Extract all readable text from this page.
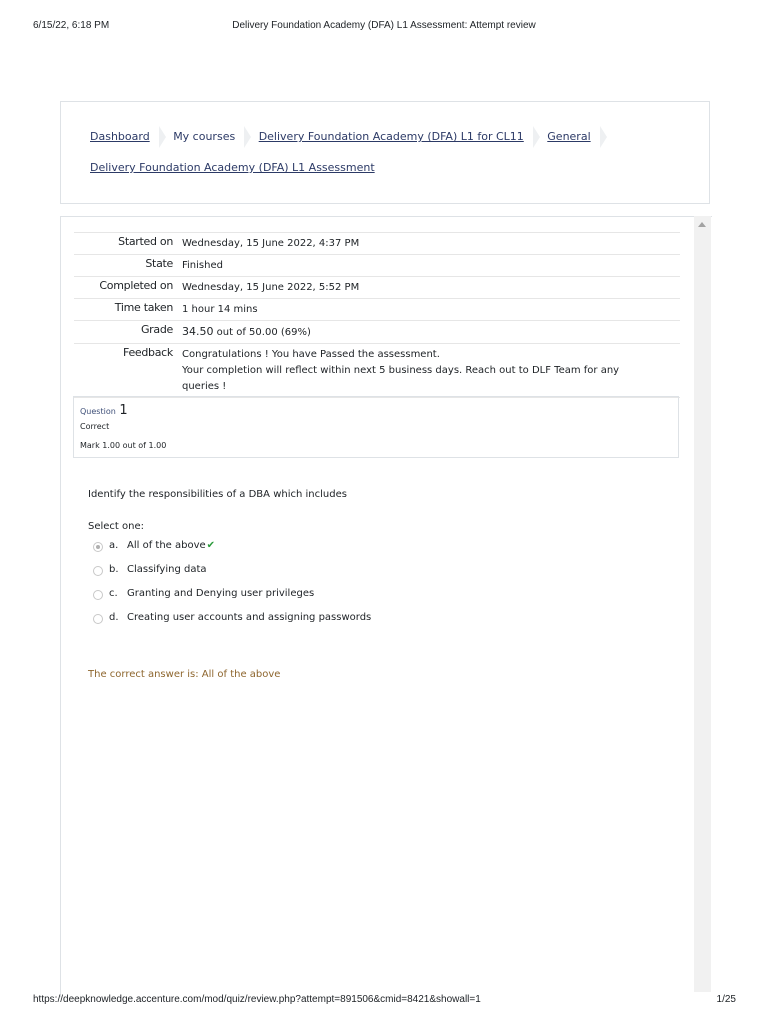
6/15/22, 6:18 PM	Delivery Foundation Academy (DFA) L1 Assessment: Attempt review
Dashboard My courses Delivery Foundation Academy (DFA) L1 for CL11 General
Delivery Foundation Academy (DFA) L1 Assessment
Started on Wednesday, 15 June 2022, 4:37 PM
State Finished
Completed on Wednesday, 15 June 2022, 5:52 PM
Time taken 1 hour 14 mins
Grade 34.50 out of 50.00 (69%)
Feedback Congratulations ! You have Passed the assessment.
Your completion will reflect within next 5 business days. Reach out to DLF Team for any
queries !
Question 1
Correct
Mark 1.00 out of 1.00
Identify the responsibilities of a DBA which includes
Select one:
a. All of the above✔
b. Classifying data
c. Granting and Denying user privileges
d. Creating user accounts and assigning passwords
The correct answer is: All of the above
https://deepknowledge.accenture.com/mod/quiz/review.php?attempt=891506&cmid=8421&showall=1	1/25
